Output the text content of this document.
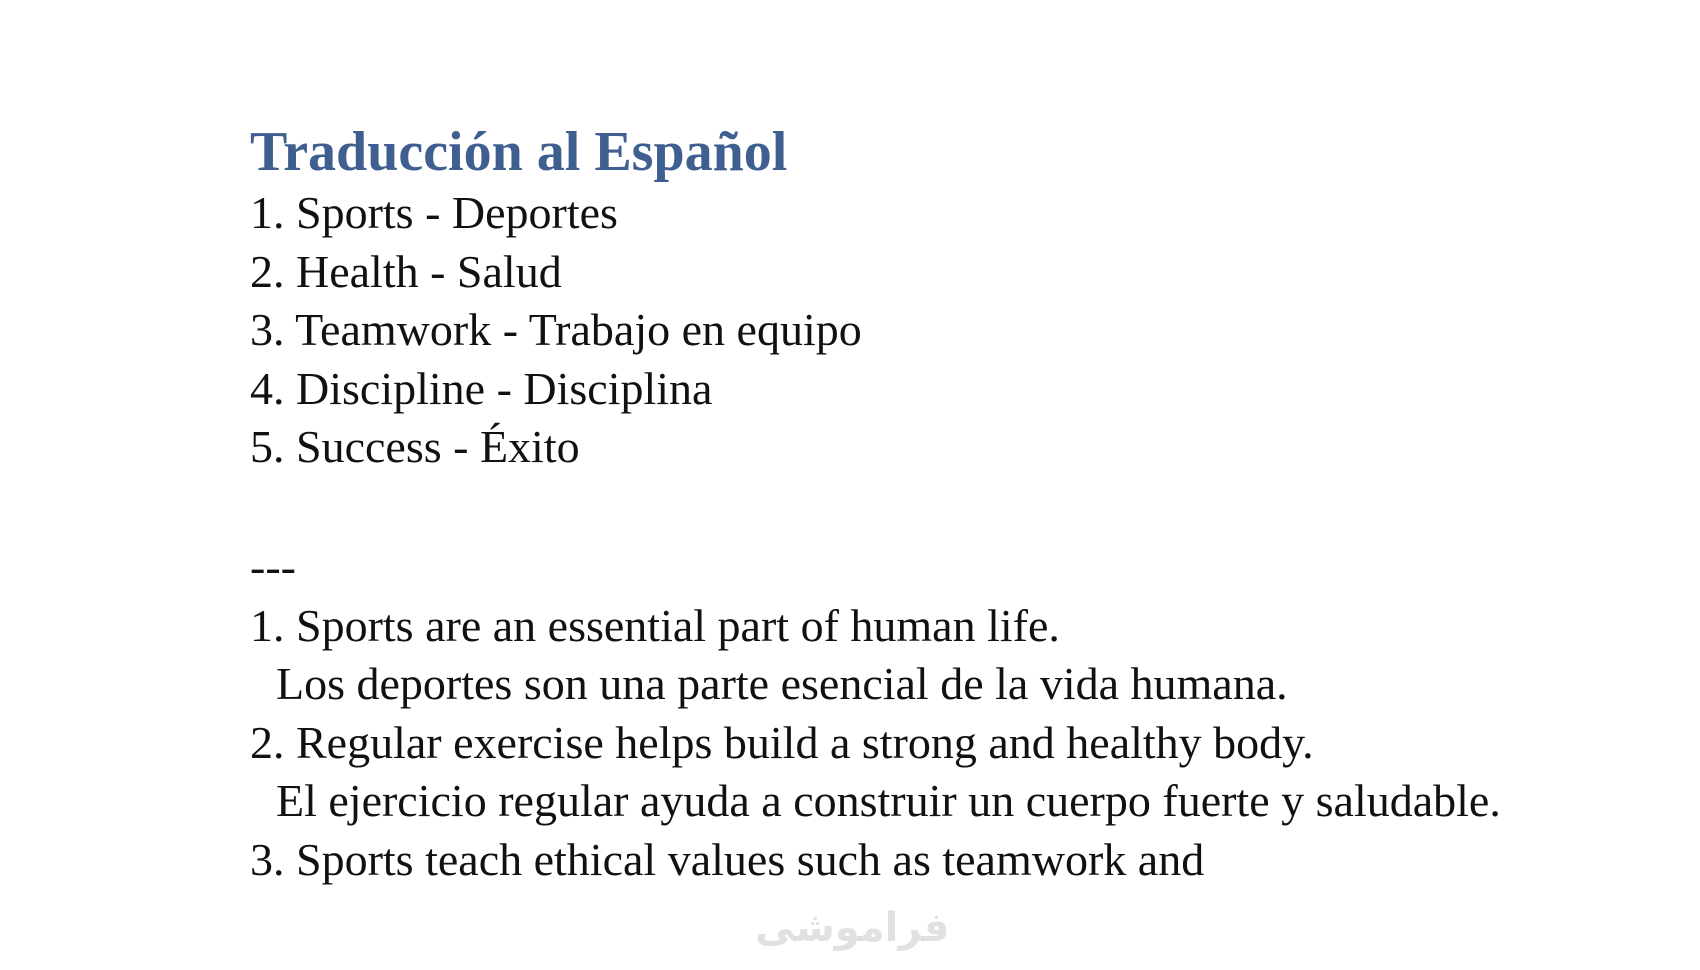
Traducción al Español
1. Sports - Deportes
2. Health - Salud
3. Teamwork - Trabajo en equipo
4. Discipline - Disciplina
5. Success - Éxito
---
1. Sports are an essential part of human life.
Los deportes son una parte esencial de la vida humana.
2. Regular exercise helps build a strong and healthy body.
El ejercicio regular ayuda a construir un cuerpo fuerte y saludable.
3. Sports teach ethical values such as teamwork and
فراموشی
